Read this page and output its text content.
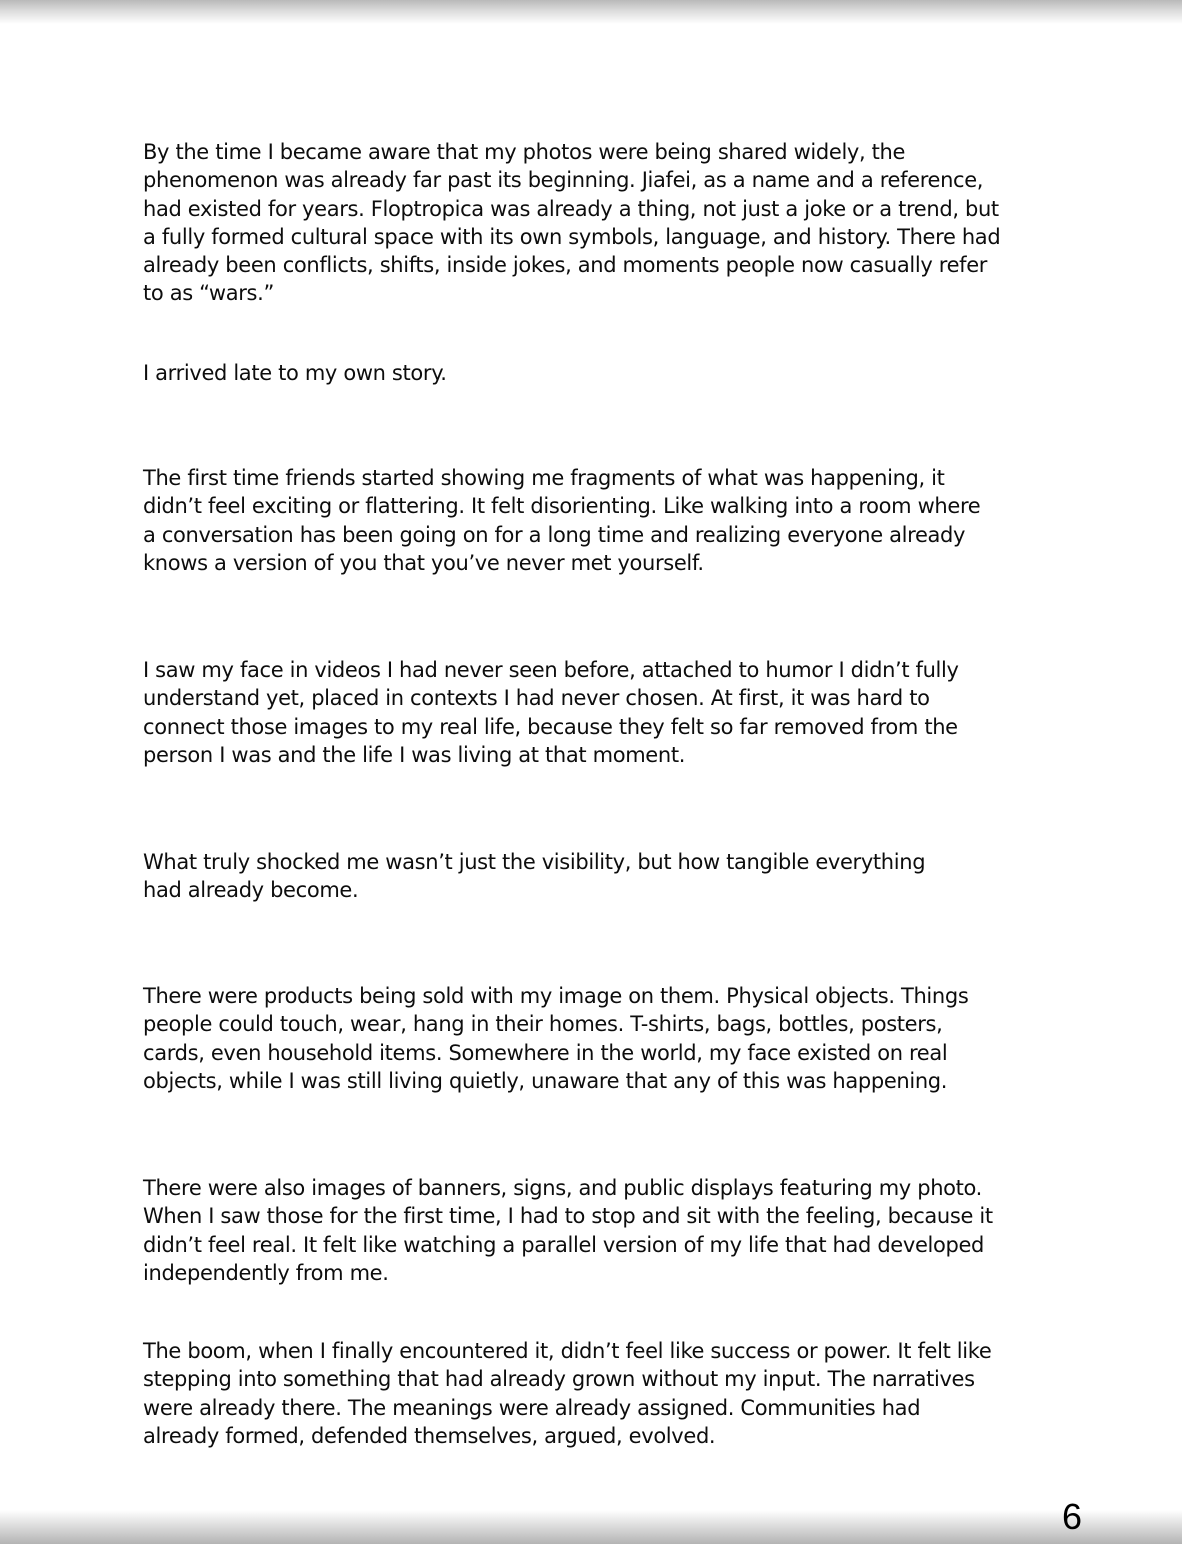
By the time I became aware that my photos were being shared widely, the
phenomenon was already far past its beginning. Jiafei, as a name and a reference,
had existed for years. Floptropica was already a thing, not just a joke or a trend, but
a fully formed cultural space with its own symbols, language, and history. There had
already been conflicts, shifts, inside jokes, and moments people now casually refer
to as “wars.”

I arrived late to my own story.

The first time friends started showing me fragments of what was happening, it
didn’t feel exciting or flattering. It felt disorienting. Like walking into a room where
a conversation has been going on for a long time and realizing everyone already
knows a version of you that you’ve never met yourself.

I saw my face in videos I had never seen before, attached to humor I didn’t fully
understand yet, placed in contexts I had never chosen. At first, it was hard to
connect those images to my real life, because they felt so far removed from the
person I was and the life I was living at that moment.

What truly shocked me wasn’t just the visibility, but how tangible everything
had already become.

There were products being sold with my image on them. Physical objects. Things
people could touch, wear, hang in their homes. T-shirts, bags, bottles, posters,
cards, even household items. Somewhere in the world, my face existed on real
objects, while I was still living quietly, unaware that any of this was happening.

There were also images of banners, signs, and public displays featuring my photo.
When I saw those for the first time, I had to stop and sit with the feeling, because it
didn’t feel real. It felt like watching a parallel version of my life that had developed
independently from me.

The boom, when I finally encountered it, didn’t feel like success or power. It felt like
stepping into something that had already grown without my input. The narratives
were already there. The meanings were already assigned. Communities had
already formed, defended themselves, argued, evolved.

6
